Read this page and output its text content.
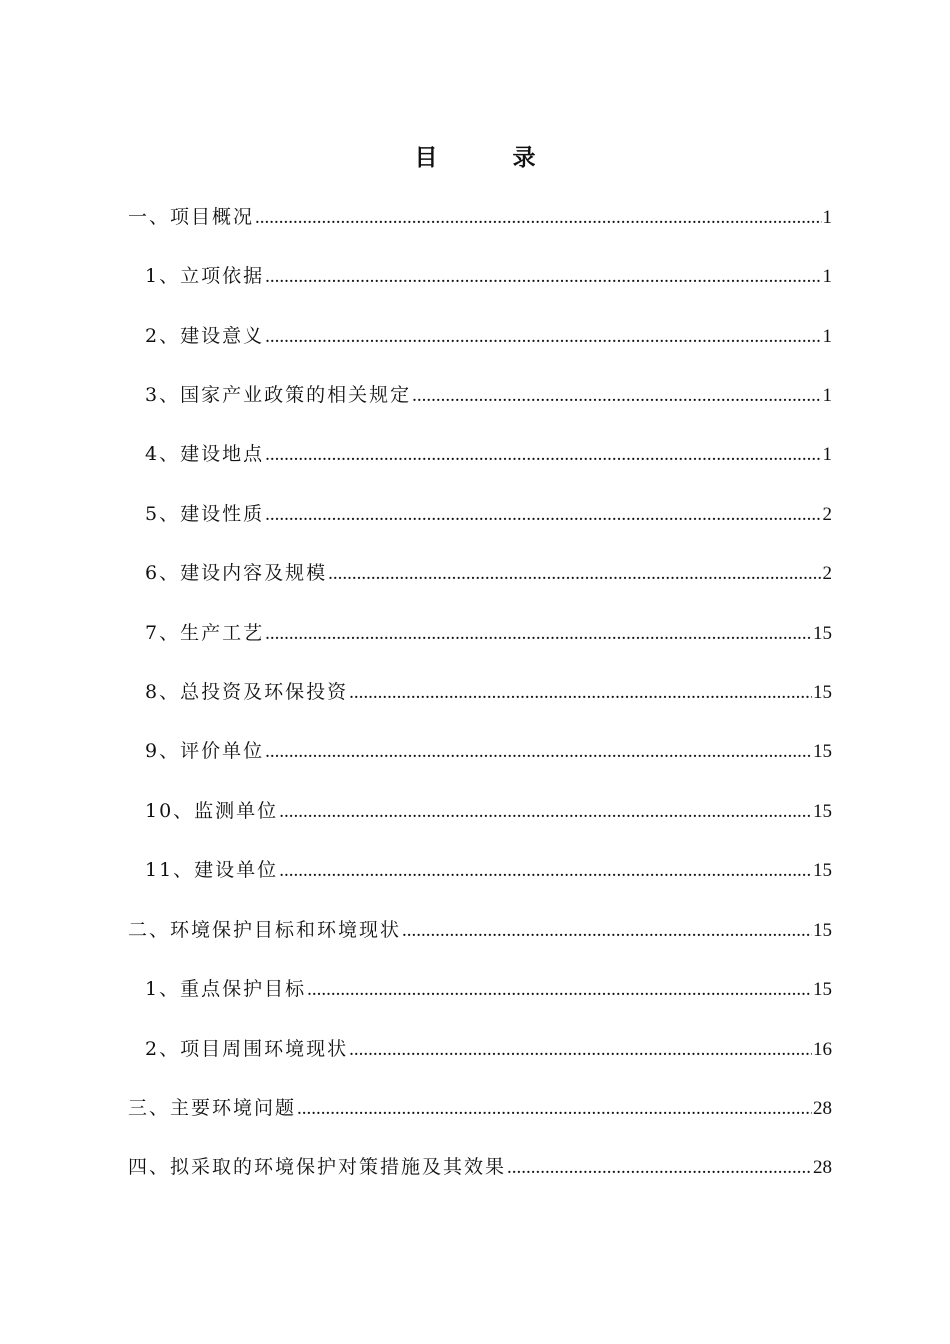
目　录
一、项目概况 .....	1
1、立项依据 .....	1
2、建设意义 .....	1
3、国家产业政策的相关规定 .....	1
4、建设地点 .....	1
5、建设性质 .....	2
6、建设内容及规模 .....	2
7、生产工艺 .....	15
8、总投资及环保投资 .....	15
9、评价单位 .....	15
10、监测单位 .....	15
11、建设单位 .....	15
二、环境保护目标和环境现状 .....	15
1、重点保护目标 .....	15
2、项目周围环境现状 .....	16
三、主要环境问题 .....	28
四、拟采取的环境保护对策措施及其效果 .....	28
